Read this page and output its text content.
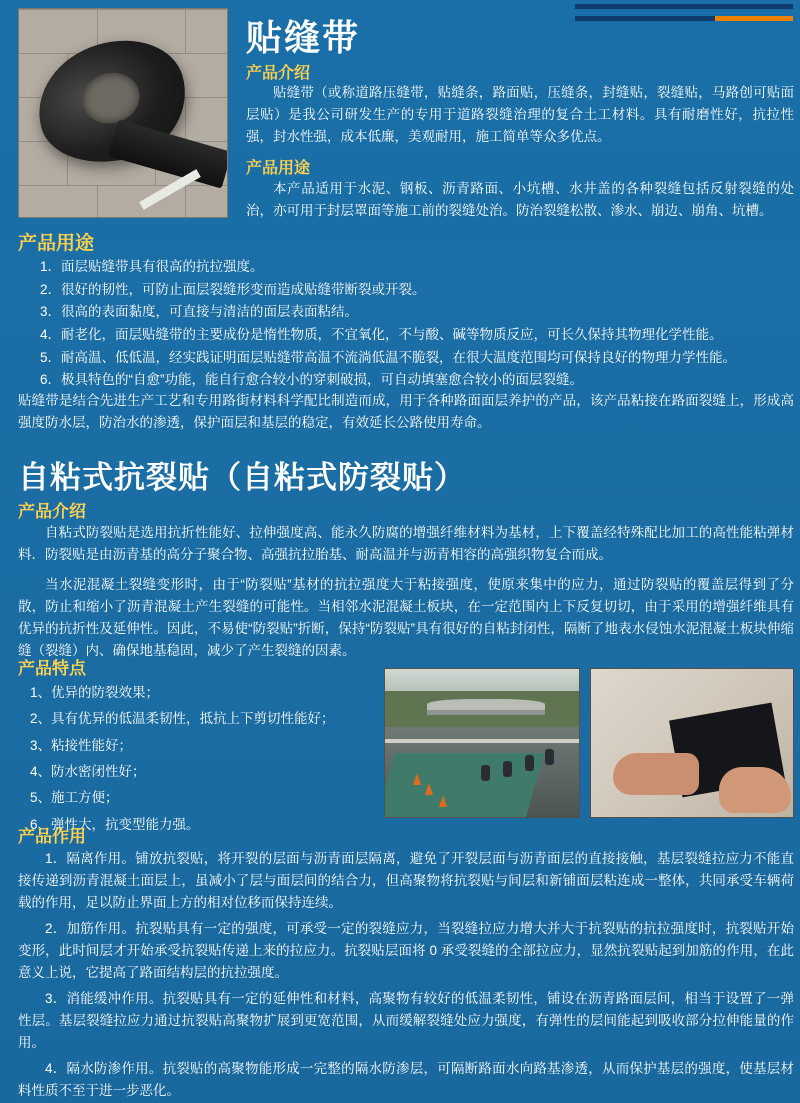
贴缝带
产品介绍
贴缝带（或称道路压缝带，贴缝条，路面贴，压缝条，封缝贴，裂缝贴，马路创可贴面层贴）是我公司研发生产的专用于道路裂缝治理的复合土工材料。具有耐磨性好，抗拉性强，封水性强，成本低廉，美观耐用，施工简单等众多优点。
产品用途
本产品适用于水泥、钢板、沥青路面、小坑槽、水井盖的各种裂缝包括反射裂缝的处治，亦可用于封层罩面等施工前的裂缝处治。防治裂缝松散、渗水、崩边、崩角、坑槽。
产品用途
1．面层贴缝带具有很高的抗拉强度。
2．很好的韧性，可防止面层裂缝形变而造成贴缝带断裂或开裂。
3．很高的表面黏度，可直接与清洁的面层表面粘结。
4．耐老化，面层贴缝带的主要成份是惰性物质，不宜氧化，不与酸、碱等物质反应，可长久保持其物理化学性能。
5．耐高温、低低温，经实践证明面层贴缝带高温不流淌低温不脆裂，在很大温度范围均可保持良好的物理力学性能。
6．极具特色的“自愈”功能，能自行愈合较小的穿刺破损，可自动填塞愈合较小的面层裂缝。
贴缝带是结合先进生产工艺和专用路街材料科学配比制造而成，用于各种路面面层养护的产品，该产品粘接在路面裂缝上，形成高强度防水层，防治水的渗透，保护面层和基层的稳定，有效延长公路使用寿命。
自粘式抗裂贴（自粘式防裂贴）
产品介绍
自粘式防裂贴是选用抗折性能好、拉伸强度高、能永久防腐的增强纤维材料为基材，上下覆盖经特殊配比加工的高性能粘弹材料．防裂贴是由沥青基的高分子聚合物、高强抗拉胎基、耐高温并与沥青相容的高强织物复合而成。
当水泥混凝土裂缝变形时，由于“防裂贴”基材的抗拉强度大于粘接强度，使原来集中的应力，通过防裂贴的覆盖层得到了分散，防止和缩小了沥青混凝土产生裂缝的可能性。当相邻水泥混凝土板块，在一定范围内上下反复切切，由于采用的增强纤维具有优异的抗折性及延伸性。因此，不易使“防裂贴”折断，保持“防裂贴”具有很好的自粘封闭性，隔断了地表水侵蚀水泥混凝土板块伸缩缝（裂缝）内、确保地基稳固，减少了产生裂缝的因素。
产品特点
1、优异的防裂效果；
2、具有优异的低温柔韧性，抵抗上下剪切性能好；
3、粘接性能好；
4、防水密闭性好；
5、施工方便；
6、弹性大，抗变型能力强。
产品作用
1．隔离作用。铺放抗裂贴，将开裂的层面与沥青面层隔离，避免了开裂层面与沥青面层的直接接触，基层裂缝拉应力不能直接传递到沥青混凝土面层上，虽减小了层与面层间的结合力，但高聚物将抗裂贴与间层和新铺面层粘连成一整体，共同承受车辆荷载的作用，足以防止界面上方的相对位移而保持连续。
2．加筋作用。抗裂贴具有一定的强度，可承受一定的裂缝应力，当裂缝拉应力增大并大于抗裂贴的抗拉强度时，抗裂贴开始变形，此时间层才开始承受抗裂贴传递上来的拉应力。抗裂贴层面将 0 承受裂缝的全部拉应力，显然抗裂贴起到加筋的作用，在此意义上说，它提高了路面结构层的抗拉强度。
3．消能缓冲作用。抗裂贴具有一定的延伸性和材料，高聚物有较好的低温柔韧性，铺设在沥青路面层间，相当于设置了一弹性层。基层裂缝拉应力通过抗裂贴高聚物扩展到更宽范围，从而缓解裂缝处应力强度，有弹性的层间能起到吸收部分拉伸能量的作用。
4．隔水防渗作用。抗裂贴的高聚物能形成一完整的隔水防渗层，可隔断路面水向路基渗透，从而保护基层的强度，使基层材料性质不至于进一步恶化。
